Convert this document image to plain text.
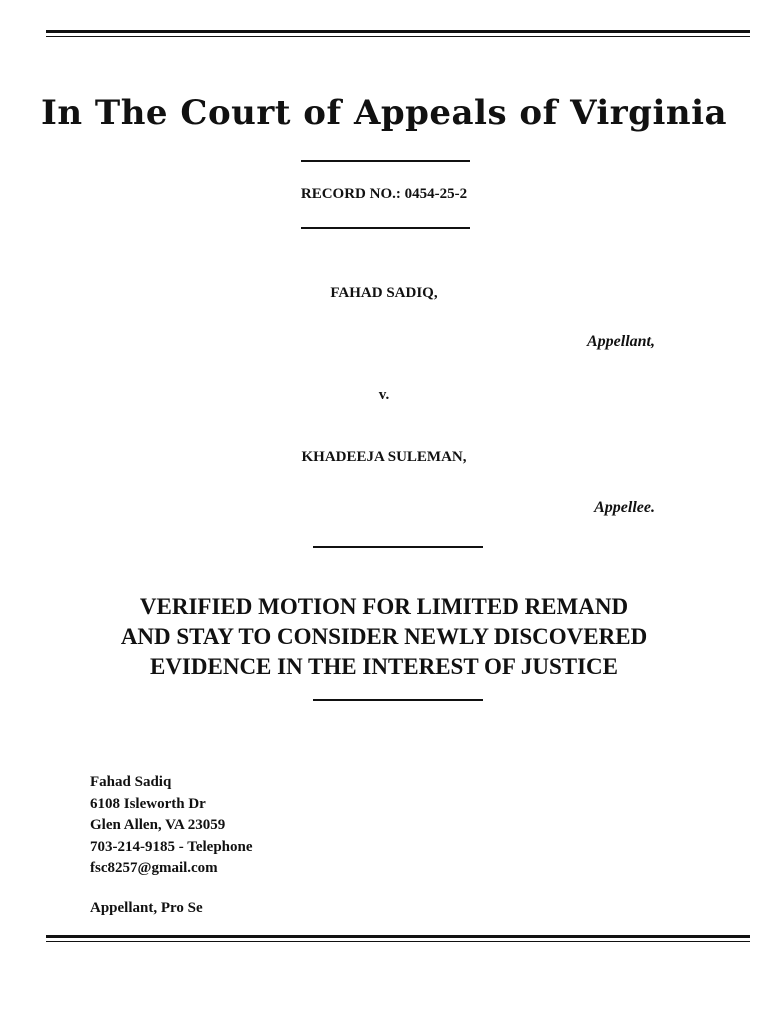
In The Court of Appeals of Virginia
RECORD NO.: 0454-25-2
FAHAD SADIQ,
Appellant,
v.
KHADEEJA SULEMAN,
Appellee.
VERIFIED MOTION FOR LIMITED REMAND
AND STAY TO CONSIDER NEWLY DISCOVERED
EVIDENCE IN THE INTEREST OF JUSTICE
Fahad Sadiq
6108 Isleworth Dr
Glen Allen, VA 23059
703-214-9185 - Telephone
fsc8257@gmail.com
Appellant, Pro Se
